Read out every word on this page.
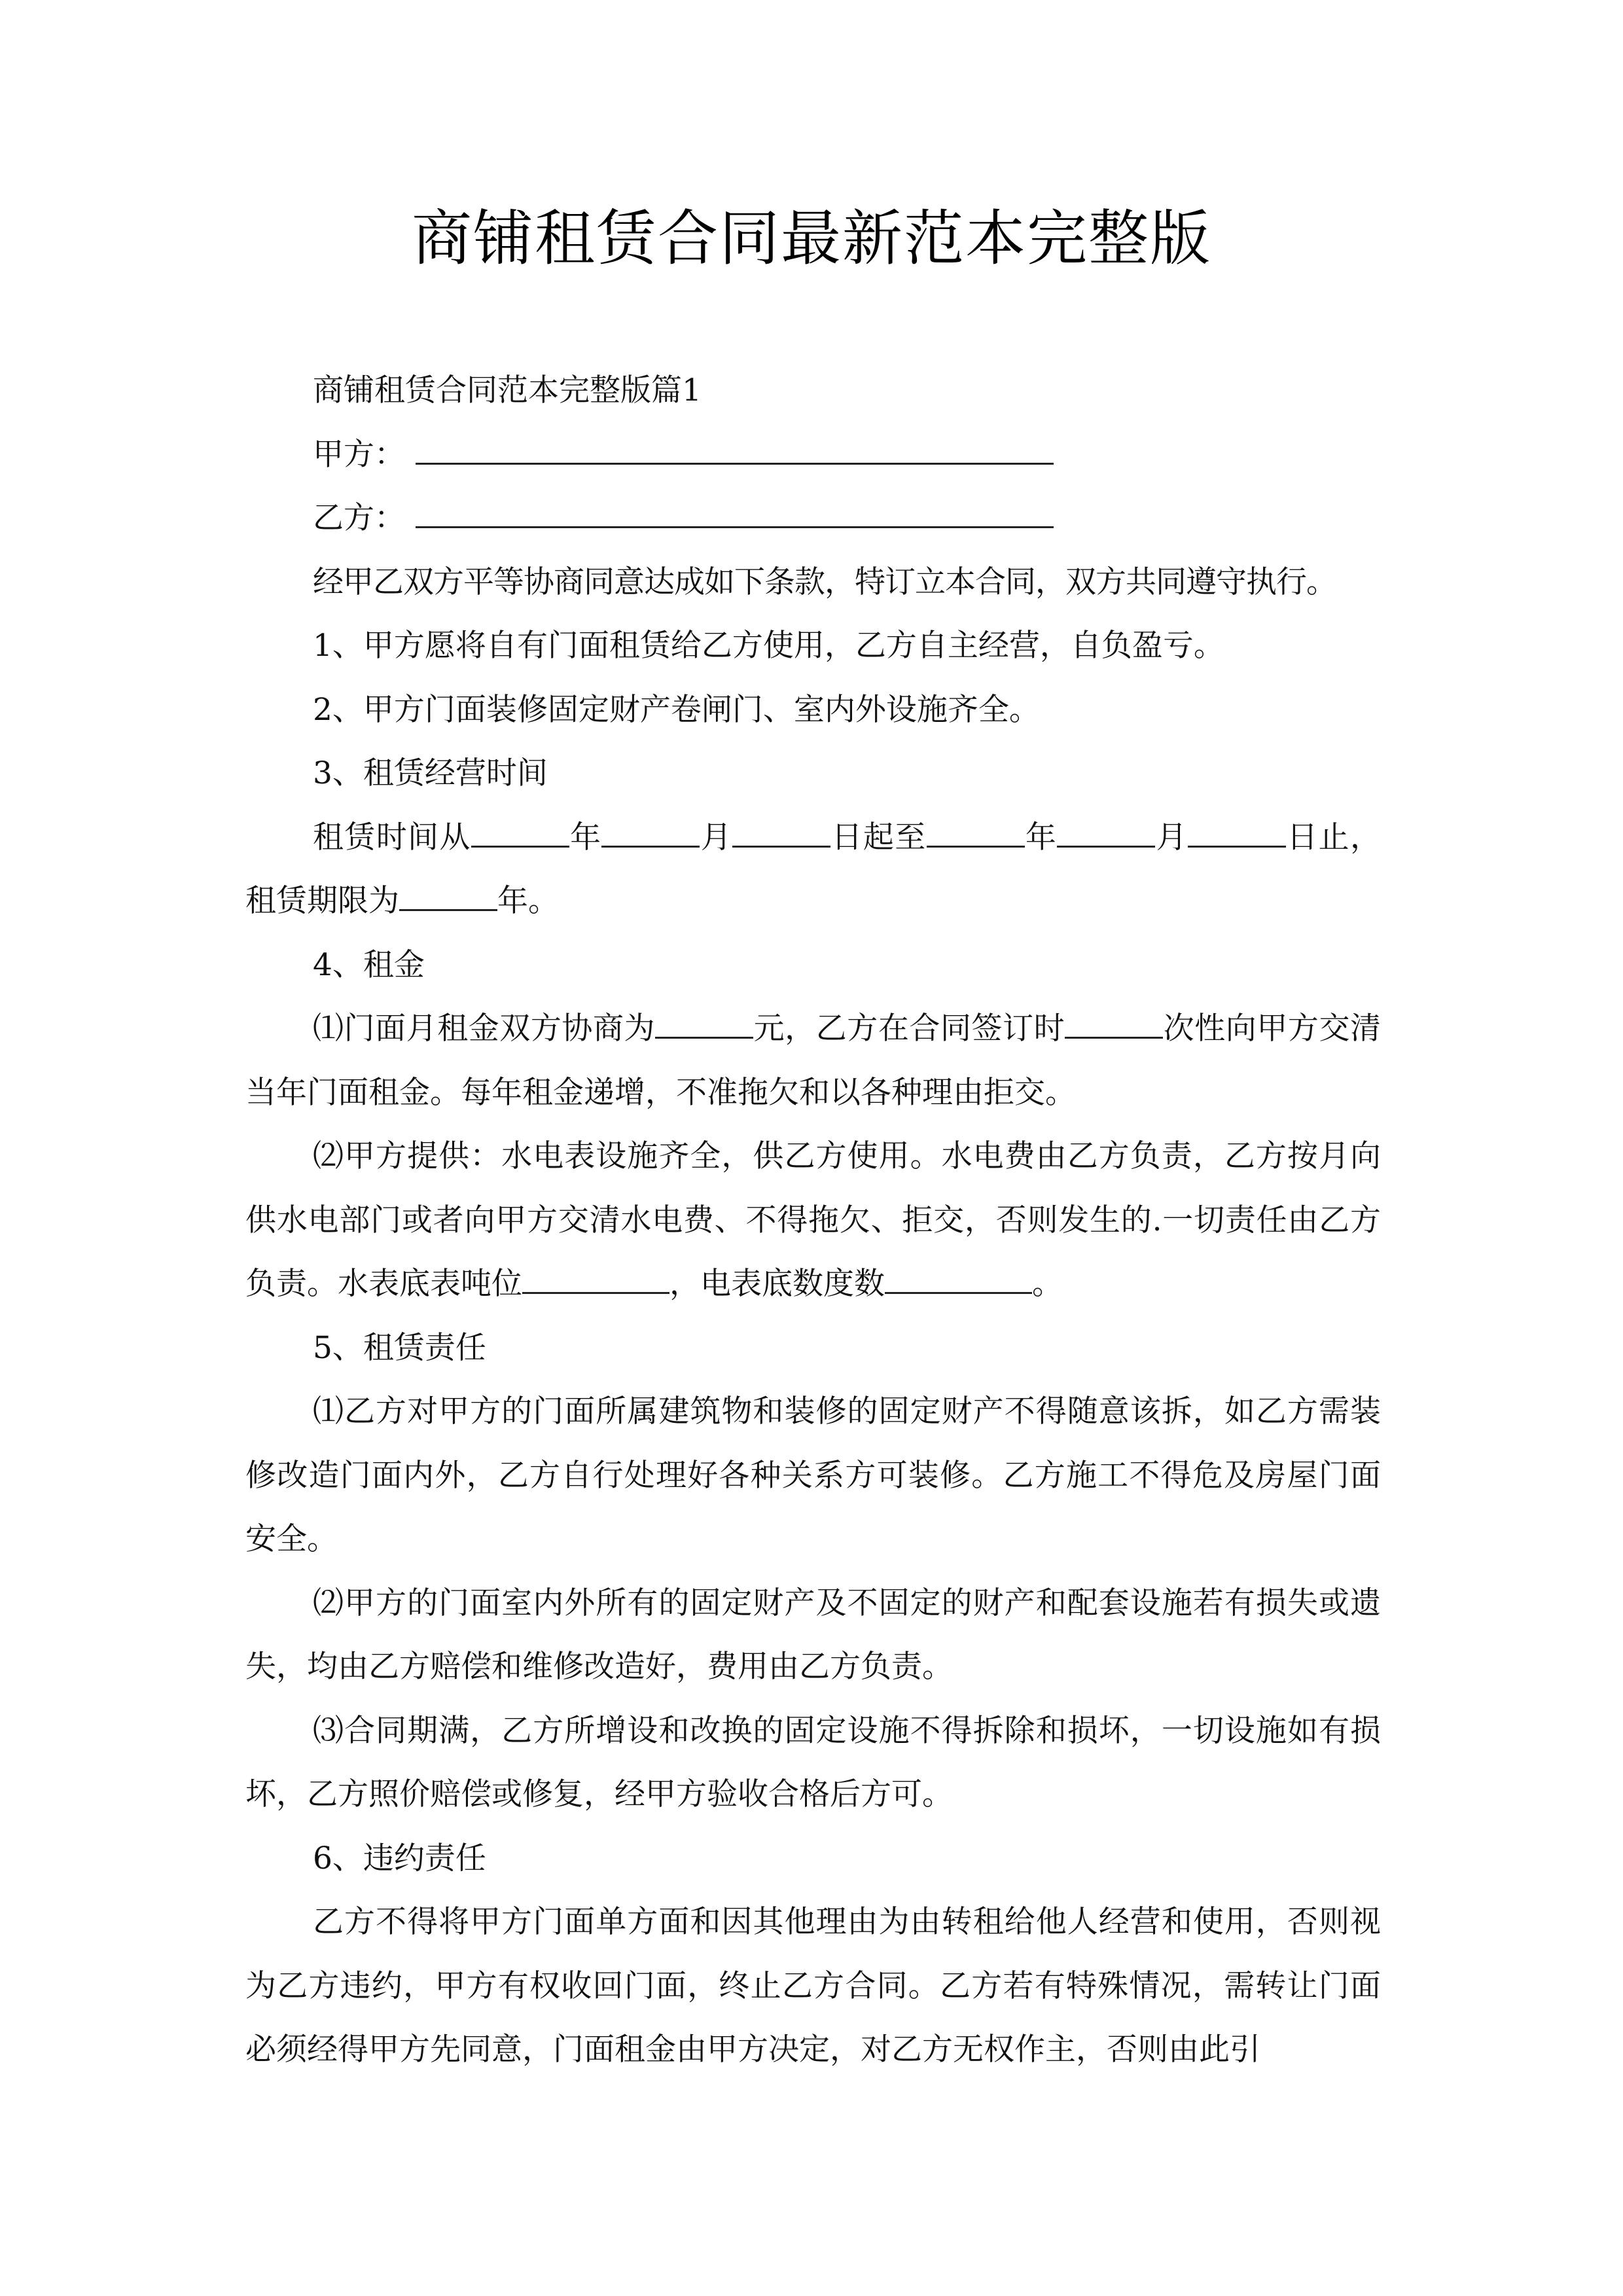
商铺租赁合同最新范本完整版

商铺租赁合同范本完整版篇1

甲方：

乙方：

经甲乙双方平等协商同意达成如下条款，特订立本合同，双方共同遵守执行。

1、甲方愿将自有门面租赁给乙方使用，乙方自主经营，自负盈亏。

2、甲方门面装修固定财产卷闸门、室内外设施齐全。

3、租赁经营时间

租赁时间从	年	月	日起至	年	月	日止，租赁期限为	年。

4、租金

⑴门面月租金双方协商为	元，乙方在合同签订时	次性向甲方交清当年门面租金。每年租金递增，不准拖欠和以各种理由拒交。

⑵甲方提供：水电表设施齐全，供乙方使用。水电费由乙方负责，乙方按月向供水电部门或者向甲方交清水电费、不得拖欠、拒交，否则发生的.一切责任由乙方负责。水表底表吨位	，电表底数度数	。

5、租赁责任

⑴乙方对甲方的门面所属建筑物和装修的固定财产不得随意该拆，如乙方需装修改造门面内外，乙方自行处理好各种关系方可装修。乙方施工不得危及房屋门面安全。

⑵甲方的门面室内外所有的固定财产及不固定的财产和配套设施若有损失或遗失，均由乙方赔偿和维修改造好，费用由乙方负责。

⑶合同期满，乙方所增设和改换的固定设施不得拆除和损坏，一切设施如有损坏，乙方照价赔偿或修复，经甲方验收合格后方可。

6、违约责任

乙方不得将甲方门面单方面和因其他理由为由转租给他人经营和使用，否则视为乙方违约，甲方有权收回门面，终止乙方合同。乙方若有特殊情况，需转让门面必须经得甲方先同意，门面租金由甲方决定，对乙方无权作主，否则由此引
